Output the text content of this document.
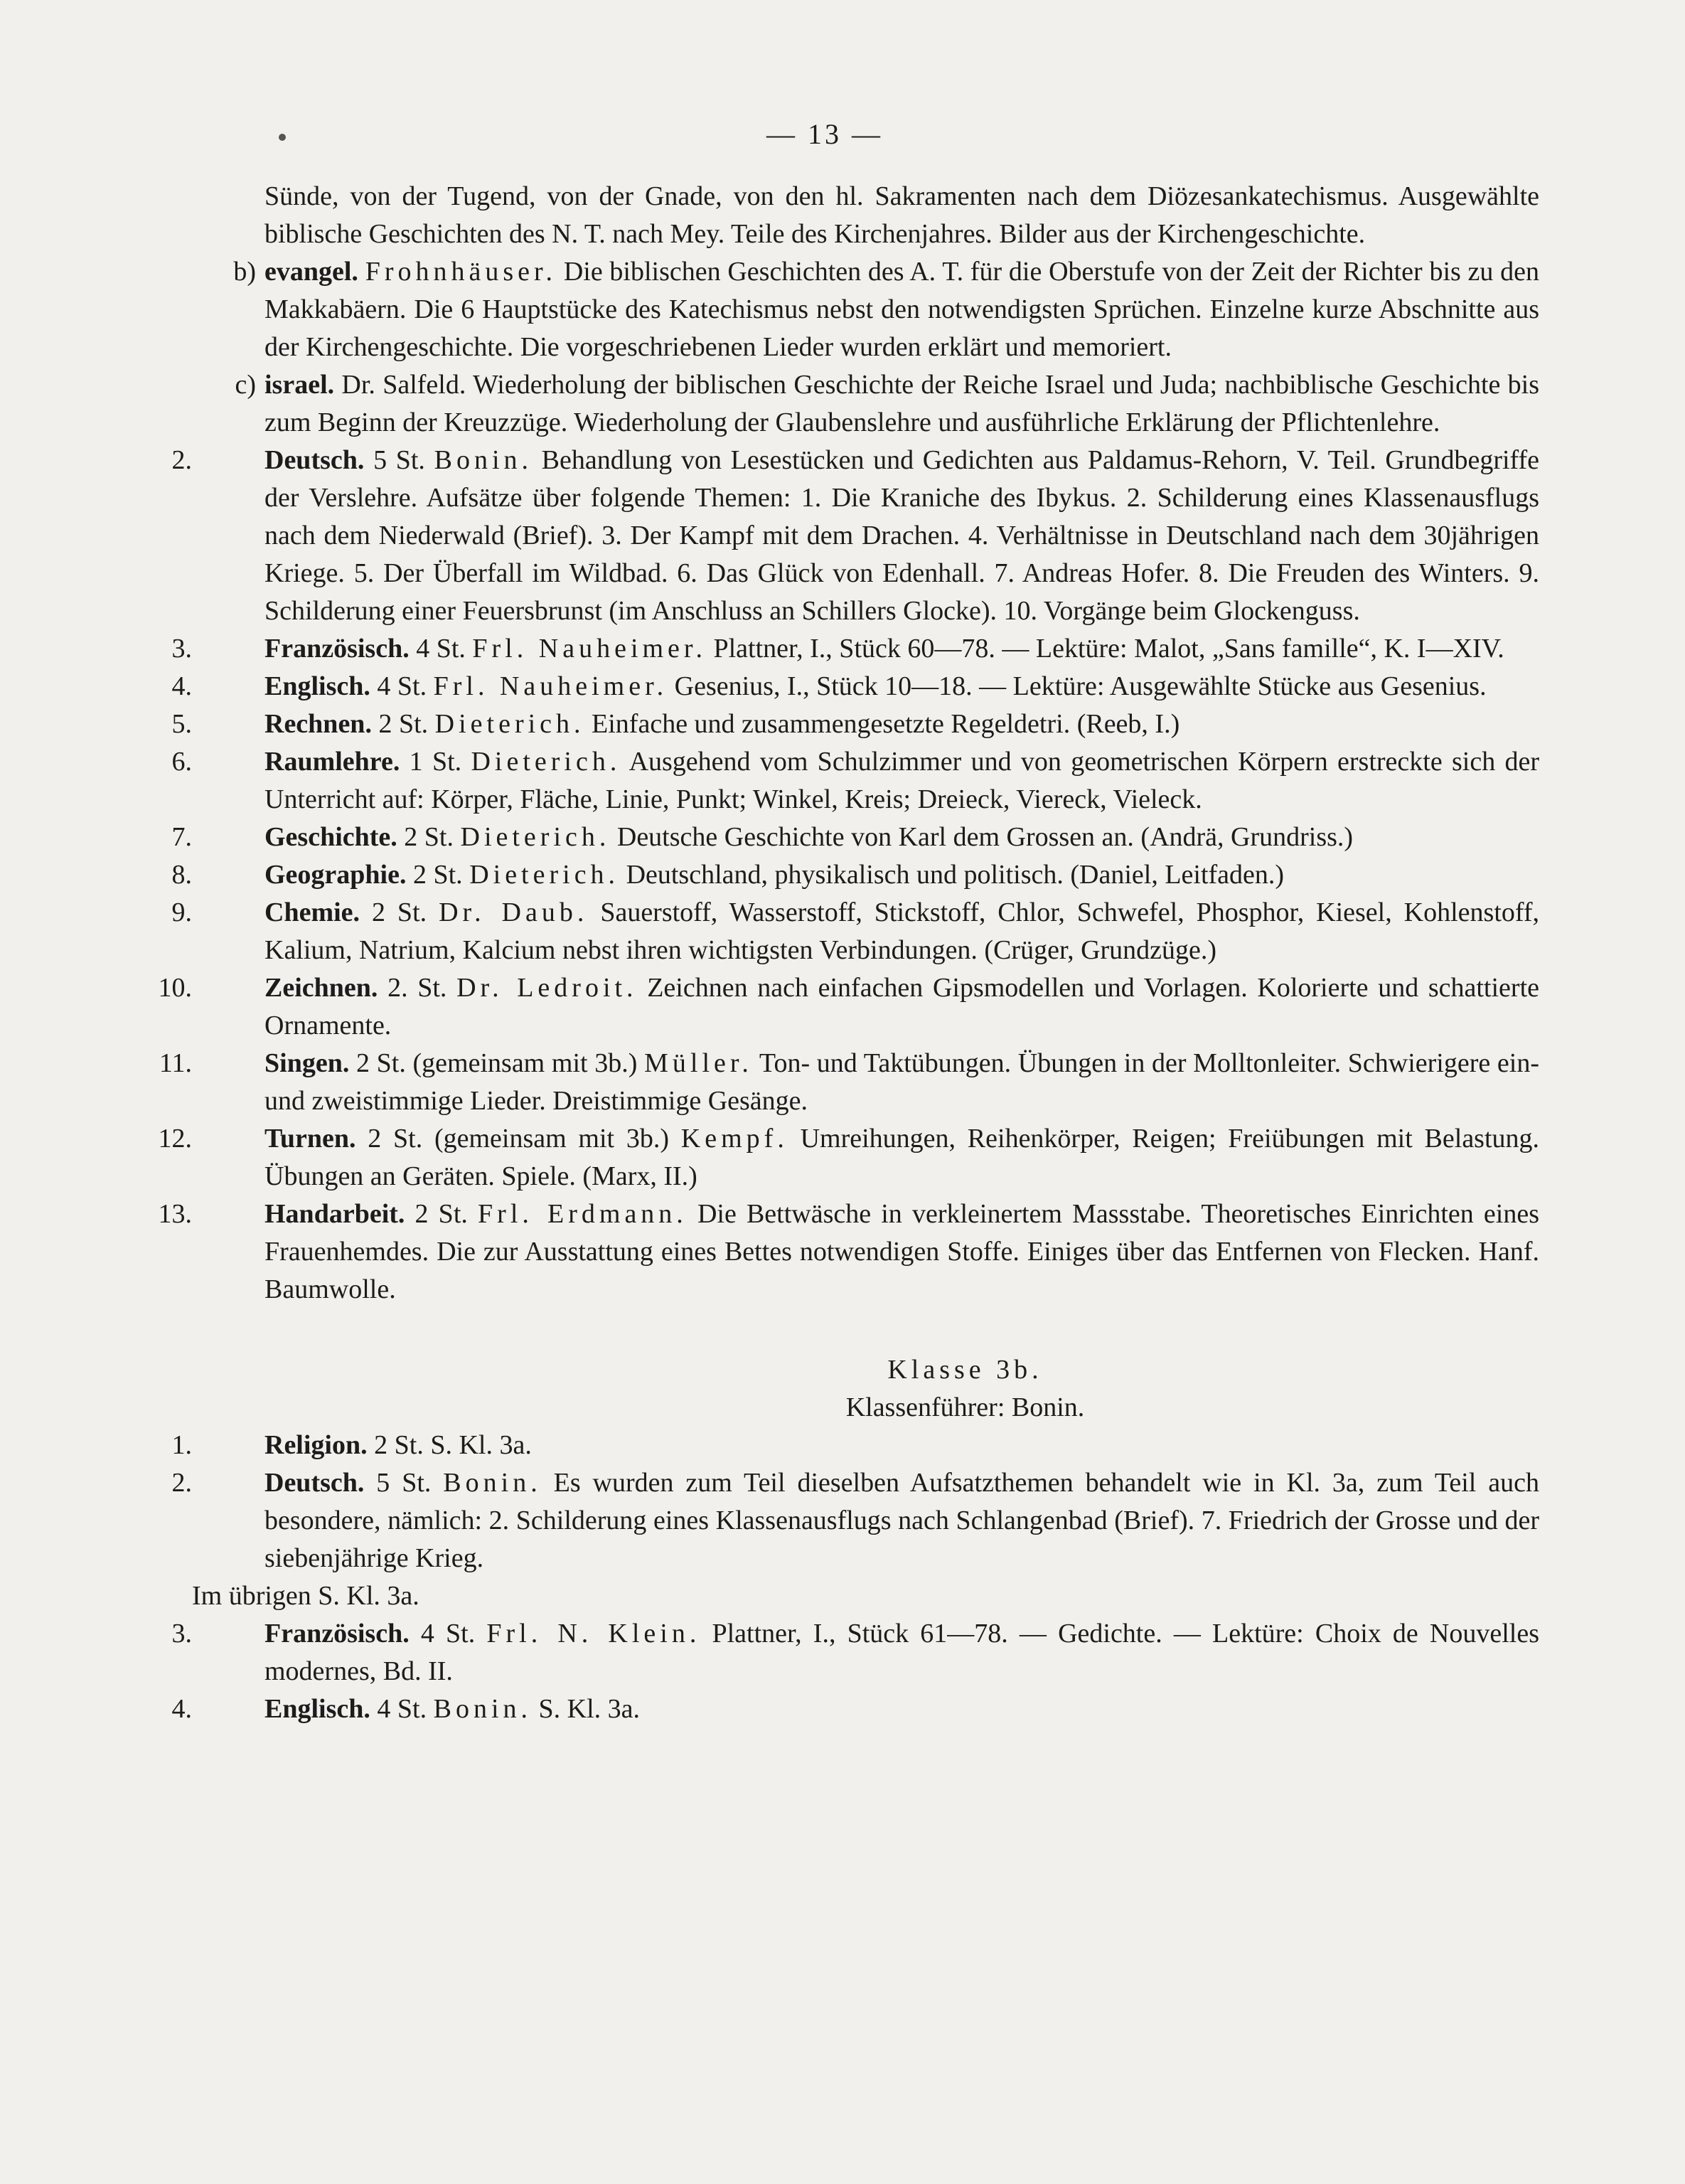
— 13 —
Sünde, von der Tugend, von der Gnade, von den hl. Sakramenten nach dem Diözesankatechismus. Ausgewählte biblische Geschichten des N. T. nach Mey. Teile des Kirchenjahres. Bilder aus der Kirchengeschichte.
b) evangel. Frohnhäuser. Die biblischen Geschichten des A. T. für die Oberstufe von der Zeit der Richter bis zu den Makkabäern. Die 6 Hauptstücke des Katechismus nebst den notwendigsten Sprüchen. Einzelne kurze Abschnitte aus der Kirchengeschichte. Die vorgeschriebenen Lieder wurden erklärt und memoriert.
c) israel. Dr. Salfeld. Wiederholung der biblischen Geschichte der Reiche Israel und Juda; nachbiblische Geschichte bis zum Beginn der Kreuzzüge. Wiederholung der Glaubenslehre und ausführliche Erklärung der Pflichtenlehre.
2.	Deutsch. 5 St. Bonin. Behandlung von Lesestücken und Gedichten aus Paldamus-Rehorn, V. Teil. Grundbegriffe der Verslehre. Aufsätze über folgende Themen: 1. Die Kraniche des Ibykus. 2. Schilderung eines Klassenausflugs nach dem Niederwald (Brief). 3. Der Kampf mit dem Drachen. 4. Verhältnisse in Deutschland nach dem 30jährigen Kriege. 5. Der Überfall im Wildbad. 6. Das Glück von Edenhall. 7. Andreas Hofer. 8. Die Freuden des Winters. 9. Schilderung einer Feuersbrunst (im Anschluss an Schillers Glocke). 10. Vorgänge beim Glockenguss.
3.	Französisch. 4 St. Frl. Nauheimer. Plattner, I., Stück 60—78. — Lektüre: Malot, „Sans famille“, K. I—XIV.
4.	Englisch. 4 St. Frl. Nauheimer. Gesenius, I., Stück 10—18. — Lektüre: Ausgewählte Stücke aus Gesenius.
5.	Rechnen. 2 St. Dieterich. Einfache und zusammengesetzte Regeldetri. (Reeb, I.)
6.	Raumlehre. 1 St. Dieterich. Ausgehend vom Schulzimmer und von geometrischen Körpern erstreckte sich der Unterricht auf: Körper, Fläche, Linie, Punkt; Winkel, Kreis; Dreieck, Viereck, Vieleck.
7.	Geschichte. 2 St. Dieterich. Deutsche Geschichte von Karl dem Grossen an. (Andrä, Grundriss.)
8.	Geographie. 2 St. Dieterich. Deutschland, physikalisch und politisch. (Daniel, Leitfaden.)
9.	Chemie. 2 St. Dr. Daub. Sauerstoff, Wasserstoff, Stickstoff, Chlor, Schwefel, Phosphor, Kiesel, Kohlenstoff, Kalium, Natrium, Kalcium nebst ihren wichtigsten Verbindungen. (Crüger, Grundzüge.)
10.	Zeichnen. 2. St. Dr. Ledroit. Zeichnen nach einfachen Gipsmodellen und Vorlagen. Kolorierte und schattierte Ornamente.
11.	Singen. 2 St. (gemeinsam mit 3b.) Müller. Ton- und Taktübungen. Übungen in der Molltonleiter. Schwierigere ein- und zweistimmige Lieder. Dreistimmige Gesänge.
12.	Turnen. 2 St. (gemeinsam mit 3b.) Kempf. Umreihungen, Reihenkörper, Reigen; Freiübungen mit Belastung. Übungen an Geräten. Spiele. (Marx, II.)
13.	Handarbeit. 2 St. Frl. Erdmann. Die Bettwäsche in verkleinertem Massstabe. Theoretisches Einrichten eines Frauenhemdes. Die zur Ausstattung eines Bettes notwendigen Stoffe. Einiges über das Entfernen von Flecken. Hanf. Baumwolle.
Klasse 3b.
Klassenführer: Bonin.
1.	Religion. 2 St. S. Kl. 3a.
2.	Deutsch. 5 St. Bonin. Es wurden zum Teil dieselben Aufsatzthemen behandelt wie in Kl. 3a, zum Teil auch besondere, nämlich: 2. Schilderung eines Klassenausflugs nach Schlangenbad (Brief). 7. Friedrich der Grosse und der siebenjährige Krieg.
Im übrigen S. Kl. 3a.
3.	Französisch. 4 St. Frl. N. Klein. Plattner, I., Stück 61—78. — Gedichte. — Lektüre: Choix de Nouvelles modernes, Bd. II.
4.	Englisch. 4 St. Bonin. S. Kl. 3a.
